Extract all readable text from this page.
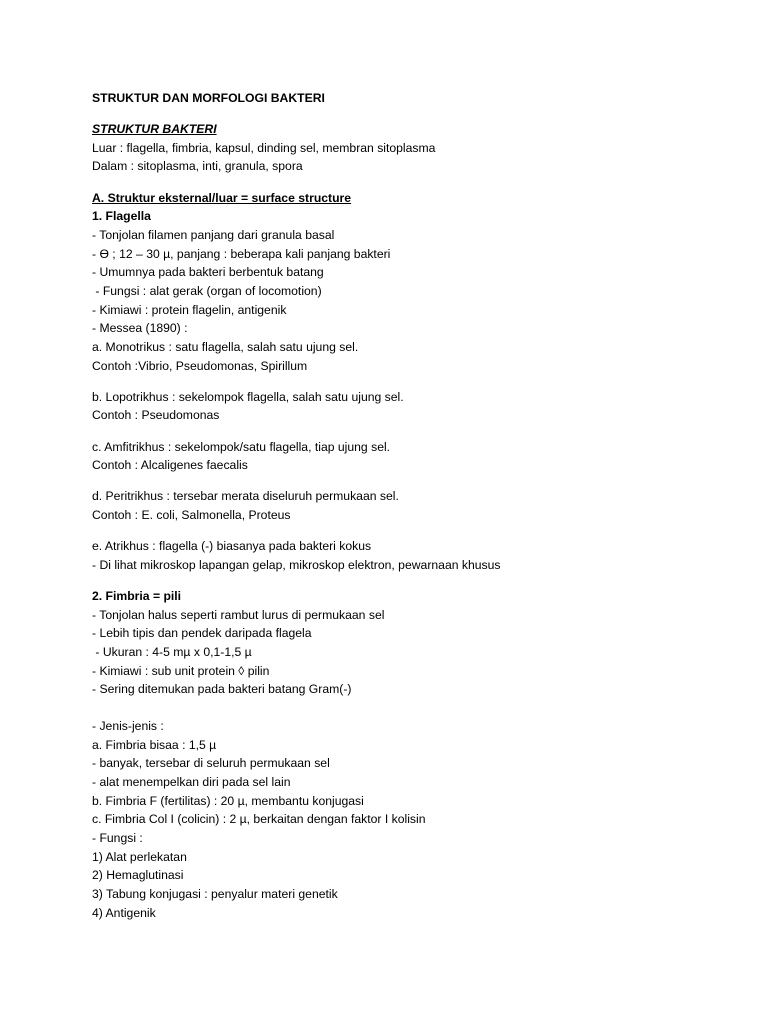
STRUKTUR DAN MORFOLOGI BAKTERI
STRUKTUR BAKTERI
Luar : flagella, fimbria, kapsul, dinding sel, membran sitoplasma
Dalam : sitoplasma, inti, granula, spora
A. Struktur eksternal/luar = surface structure
1. Flagella
- Tonjolan filamen panjang dari granula basal
- ϴ ; 12 – 30 µ, panjang : beberapa kali panjang bakteri
- Umumnya pada bakteri berbentuk batang
- Fungsi : alat gerak (organ of locomotion)
- Kimiawi : protein flagelin, antigenik
- Messea (1890) :
a. Monotrikus : satu flagella, salah satu ujung sel.
Contoh :Vibrio, Pseudomonas, Spirillum
b. Lopotrikhus : sekelompok flagella, salah satu ujung sel.
Contoh : Pseudomonas
c. Amfitrikhus : sekelompok/satu flagella, tiap ujung sel.
Contoh : Alcaligenes faecalis
d. Peritrikhus : tersebar merata diseluruh permukaan sel.
Contoh : E. coli, Salmonella, Proteus
e. Atrikhus : flagella (-) biasanya pada bakteri kokus
- Di lihat mikroskop lapangan gelap, mikroskop elektron, pewarnaan khusus
2. Fimbria = pili
- Tonjolan halus seperti rambut lurus di permukaan sel
- Lebih tipis dan pendek daripada flagela
- Ukuran : 4-5 mµ x 0,1-1,5 µ
- Kimiawi : sub unit protein ◊ pilin
- Sering ditemukan pada bakteri batang Gram(-)
- Jenis-jenis :
a. Fimbria bisaa : 1,5 µ
- banyak, tersebar di seluruh permukaan sel
- alat menempelkan diri pada sel lain
b. Fimbria F (fertilitas) : 20 µ, membantu konjugasi
c. Fimbria Col I (colicin) : 2 µ, berkaitan dengan faktor I kolisin
- Fungsi :
1) Alat perlekatan
2) Hemaglutinasi
3) Tabung konjugasi : penyalur materi genetik
4) Antigenik
